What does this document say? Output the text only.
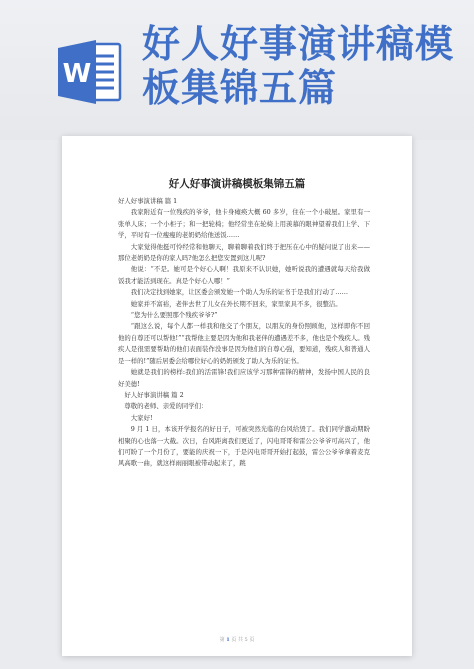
W
好人好事演讲稿模
板集锦五篇
好人好事演讲稿模板集锦五篇

好人好事演讲稿 篇 1

我家附近有一位残疾的爷爷，他卡身瘫痪大概 60 多岁，住在一个小破屋。家里有一张单人床；一个小柜子；和一把轮椅；他经常坐在轮椅上用羡慕的眼神望着我们上学、下学，平时有一位瘦瘦的老奶奶给他送饭……

大家觉得他挺可怜经常和他聊天，聊着聊着我们终于把压在心中的疑问说了出来——那位老奶奶是你的家人吗?他怎么把您安置到这儿呢?

他说：“不是。她可是个好心人啊！我原来不认识她，她听说我的遭遇就每天给我做饭我才能活到现在。真是个好心人哪！”

我们决定找到她家，让区委会颁发她一个助人为乐的证书于是我们行动了……

她家并不富裕，老伴去世了儿女在外长期不回来，家里家具不多，很整洁。

“您为什么要照那个残疾爷爷?”

“跟这么说，每个人都一样我和他交了个朋友，以朋友的身份照顾他，这样即你不回他的自尊还可以帮他!”“我帮他主要是因为他和我老伴的遭遇差不多，他也是个残疾人。残疾人是很需要帮助的他们表面装作没事是因为他们的自尊心强，要知道，残疾人和普通人是一样的!”随后居委会给哪位好心的奶奶颁发了助人为乐的证书。

她就是我们的榜样:我们的活雷锋!我们应该学习那种雷锋的精神，发扬中国人民的良好美德!

好人好事演讲稿 篇 2

尊敬的老师、亲爱的同学们：

大家好!

9 月 1 日，本该开学报名的好日子，可被突然光临的台风给毁了。我们同学激动期盼相聚的心也落一大截。次日，台风距离我们更近了，闪电哥哥和雷公公爷爷可高兴了，他们可盼了一个月份了，要能的庆祝一下，于是闪电哥哥开始打起鼓，雷公公爷爷拿着麦克风高歌一曲，就这样雨丽眼被带动起来了，跳

第 1 页 共 5 页
